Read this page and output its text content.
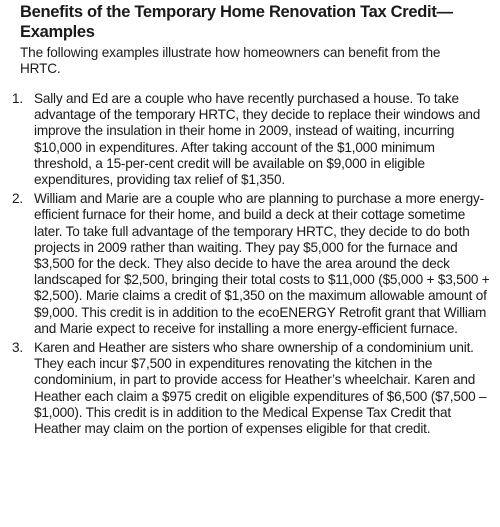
Benefits of the Temporary Home Renovation Tax Credit—
Examples

The following examples illustrate how homeowners can benefit from the HRTC.

1. Sally and Ed are a couple who have recently purchased a house. To take advantage of the temporary HRTC, they decide to replace their windows and improve the insulation in their home in 2009, instead of waiting, incurring $10,000 in expenditures. After taking account of the $1,000 minimum threshold, a 15-per-cent credit will be available on $9,000 in eligible expenditures, providing tax relief of $1,350.
2. William and Marie are a couple who are planning to purchase a more energy-efficient furnace for their home, and build a deck at their cottage sometime later. To take full advantage of the temporary HRTC, they decide to do both projects in 2009 rather than waiting. They pay $5,000 for the furnace and $3,500 for the deck. They also decide to have the area around the deck landscaped for $2,500, bringing their total costs to $11,000 ($5,000 + $3,500 + $2,500). Marie claims a credit of $1,350 on the maximum allowable amount of $9,000. This credit is in addition to the ecoENERGY Retrofit grant that William and Marie expect to receive for installing a more energy-efficient furnace.
3. Karen and Heather are sisters who share ownership of a condominium unit. They each incur $7,500 in expenditures renovating the kitchen in the condominium, in part to provide access for Heather’s wheelchair. Karen and Heather each claim a $975 credit on eligible expenditures of $6,500 ($7,500 – $1,000). This credit is in addition to the Medical Expense Tax Credit that Heather may claim on the portion of expenses eligible for that credit.
